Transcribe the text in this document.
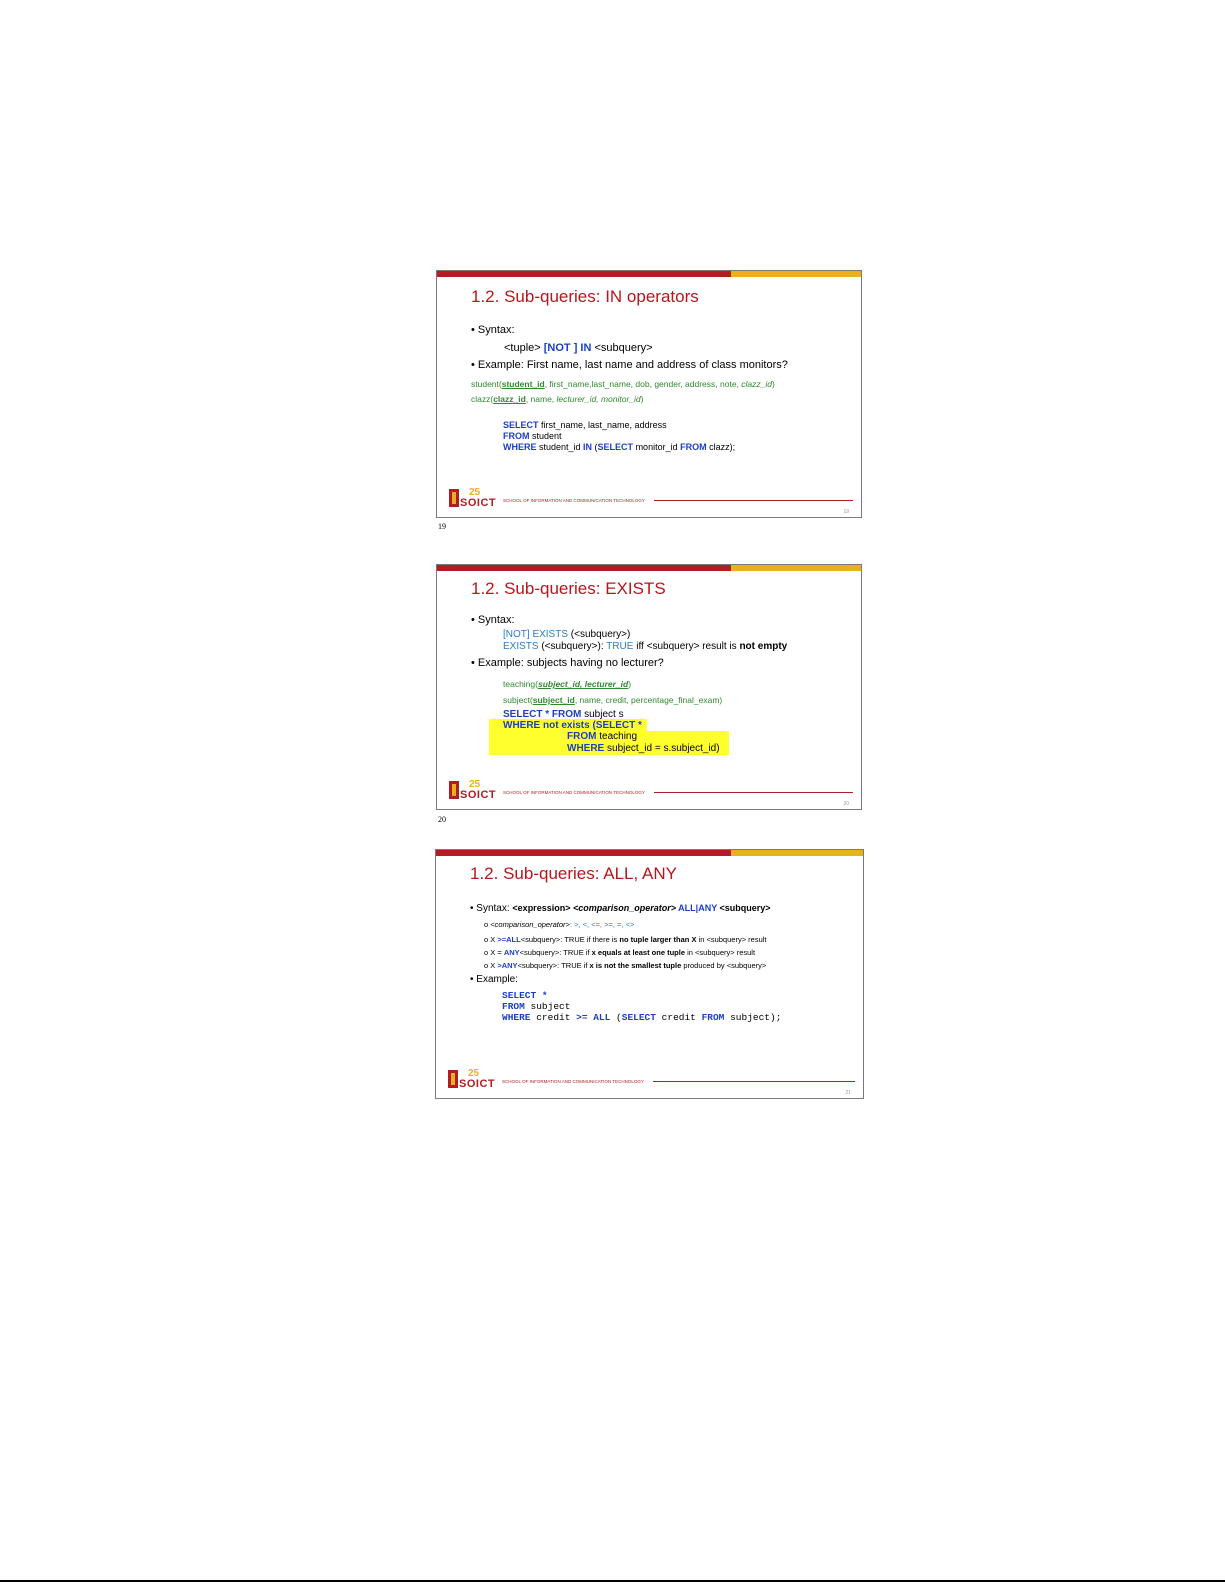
1.2. Sub-queries: IN operators
• Syntax:
<tuple> [NOT ] IN <subquery>
• Example: First name, last name and address of class monitors?
student(student_id, first_name,last_name, dob, gender, address, note, clazz_id)
clazz(clazz_id, name, lecturer_id, monitor_id)
SELECT first_name, last_name, address
FROM student
WHERE student_id IN (SELECT monitor_id FROM clazz);
25
SOICT SCHOOL OF INFORMATION AND COMMUNICATION TECHNOLOGY
19
19
1.2. Sub-queries: EXISTS
• Syntax:
[NOT] EXISTS (<subquery>)
EXISTS (<subquery>): TRUE iff <subquery> result is not empty
• Example: subjects having no lecturer?
teaching(subject_id, lecturer_id)
subject(subject_id, name, credit, percentage_final_exam)
SELECT * FROM subject s
WHERE not exists (SELECT *
FROM teaching
WHERE subject_id = s.subject_id)
25
SOICT SCHOOL OF INFORMATION AND COMMUNICATION TECHNOLOGY
20
20
1.2. Sub-queries: ALL, ANY
• Syntax: <expression> <comparison_operator> ALL|ANY <subquery>
o <comparison_operator>: >, <, <=, >=, =, <>
o X >=ALL<subquery>: TRUE if there is no tuple larger than X in <subquery> result
o X = ANY<subquery>: TRUE if x equals at least one tuple in <subquery> result
o X >ANY<subquery>: TRUE if x is not the smallest tuple produced by <subquery>
• Example:
SELECT *
FROM subject
WHERE credit >= ALL (SELECT credit FROM subject);
25
SOICT SCHOOL OF INFORMATION AND COMMUNICATION TECHNOLOGY
21
